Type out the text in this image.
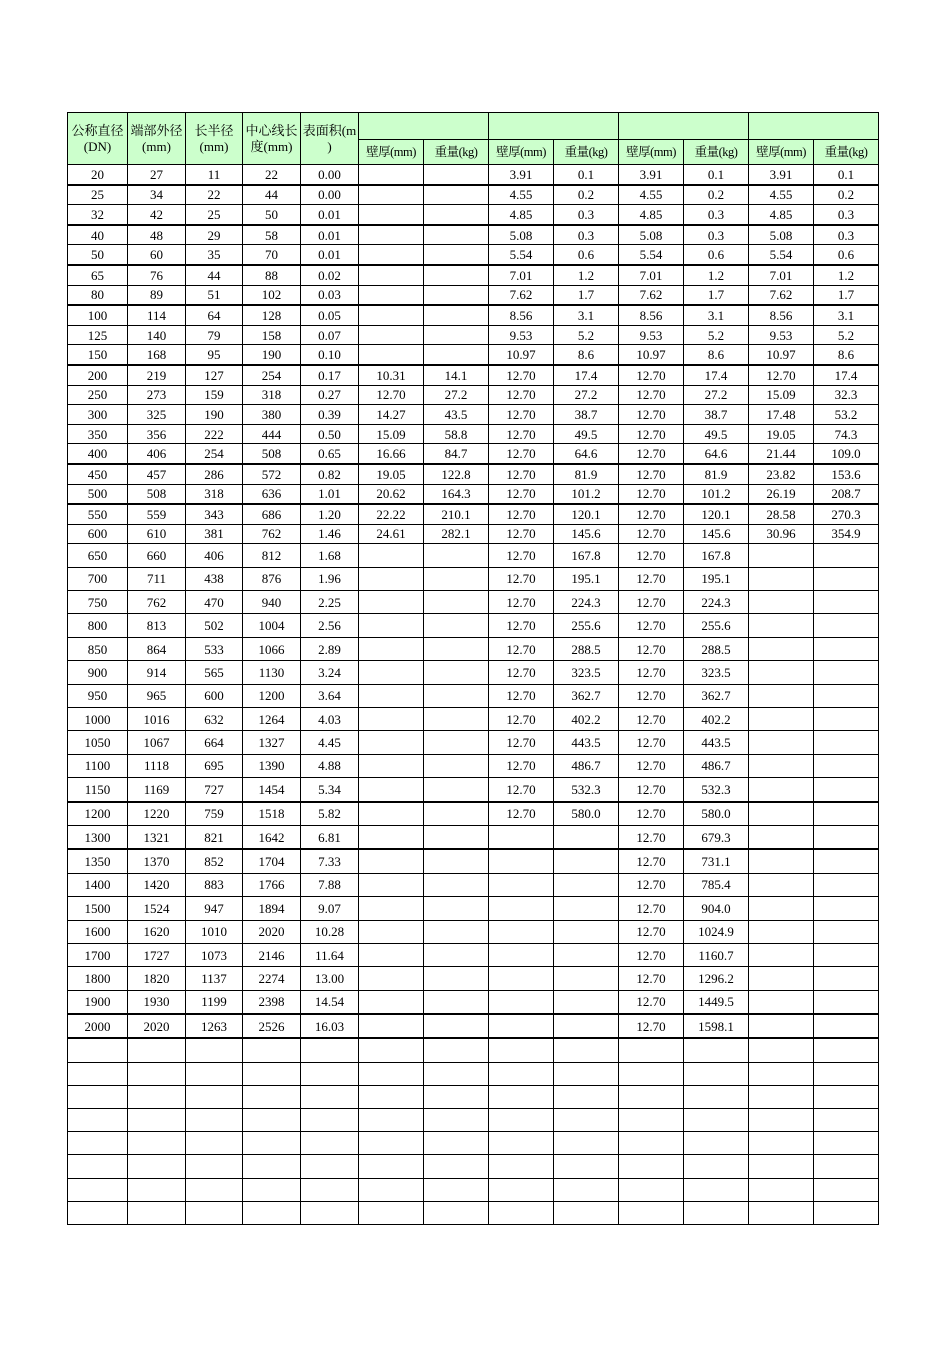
公称直径(DN)	端部外径(mm)	长半径(mm)	中心线长度(mm)	表面积(m )								
					壁厚(mm)	重量(kg)	壁厚(mm)	重量(kg)	壁厚(mm)	重量(kg)	壁厚(mm)	重量(kg)
20	27	11	22	0.00			3.91	0.1	3.91	0.1	3.91	0.1
25	34	22	44	0.00			4.55	0.2	4.55	0.2	4.55	0.2
32	42	25	50	0.01			4.85	0.3	4.85	0.3	4.85	0.3
40	48	29	58	0.01			5.08	0.3	5.08	0.3	5.08	0.3
50	60	35	70	0.01			5.54	0.6	5.54	0.6	5.54	0.6
65	76	44	88	0.02			7.01	1.2	7.01	1.2	7.01	1.2
80	89	51	102	0.03			7.62	1.7	7.62	1.7	7.62	1.7
100	114	64	128	0.05			8.56	3.1	8.56	3.1	8.56	3.1
125	140	79	158	0.07			9.53	5.2	9.53	5.2	9.53	5.2
150	168	95	190	0.10			10.97	8.6	10.97	8.6	10.97	8.6
200	219	127	254	0.17	10.31	14.1	12.70	17.4	12.70	17.4	12.70	17.4
250	273	159	318	0.27	12.70	27.2	12.70	27.2	12.70	27.2	15.09	32.3
300	325	190	380	0.39	14.27	43.5	12.70	38.7	12.70	38.7	17.48	53.2
350	356	222	444	0.50	15.09	58.8	12.70	49.5	12.70	49.5	19.05	74.3
400	406	254	508	0.65	16.66	84.7	12.70	64.6	12.70	64.6	21.44	109.0
450	457	286	572	0.82	19.05	122.8	12.70	81.9	12.70	81.9	23.82	153.6
500	508	318	636	1.01	20.62	164.3	12.70	101.2	12.70	101.2	26.19	208.7
550	559	343	686	1.20	22.22	210.1	12.70	120.1	12.70	120.1	28.58	270.3
600	610	381	762	1.46	24.61	282.1	12.70	145.6	12.70	145.6	30.96	354.9
650	660	406	812	1.68			12.70	167.8	12.70	167.8		
700	711	438	876	1.96			12.70	195.1	12.70	195.1		
750	762	470	940	2.25			12.70	224.3	12.70	224.3		
800	813	502	1004	2.56			12.70	255.6	12.70	255.6		
850	864	533	1066	2.89			12.70	288.5	12.70	288.5		
900	914	565	1130	3.24			12.70	323.5	12.70	323.5		
950	965	600	1200	3.64			12.70	362.7	12.70	362.7		
1000	1016	632	1264	4.03			12.70	402.2	12.70	402.2		
1050	1067	664	1327	4.45			12.70	443.5	12.70	443.5		
1100	1118	695	1390	4.88			12.70	486.7	12.70	486.7		
1150	1169	727	1454	5.34			12.70	532.3	12.70	532.3		
1200	1220	759	1518	5.82			12.70	580.0	12.70	580.0		
1300	1321	821	1642	6.81					12.70	679.3		
1350	1370	852	1704	7.33					12.70	731.1		
1400	1420	883	1766	7.88					12.70	785.4		
1500	1524	947	1894	9.07					12.70	904.0		
1600	1620	1010	2020	10.28					12.70	1024.9		
1700	1727	1073	2146	11.64					12.70	1160.7		
1800	1820	1137	2274	13.00					12.70	1296.2		
1900	1930	1199	2398	14.54					12.70	1449.5		
2000	2020	1263	2526	16.03					12.70	1598.1		
